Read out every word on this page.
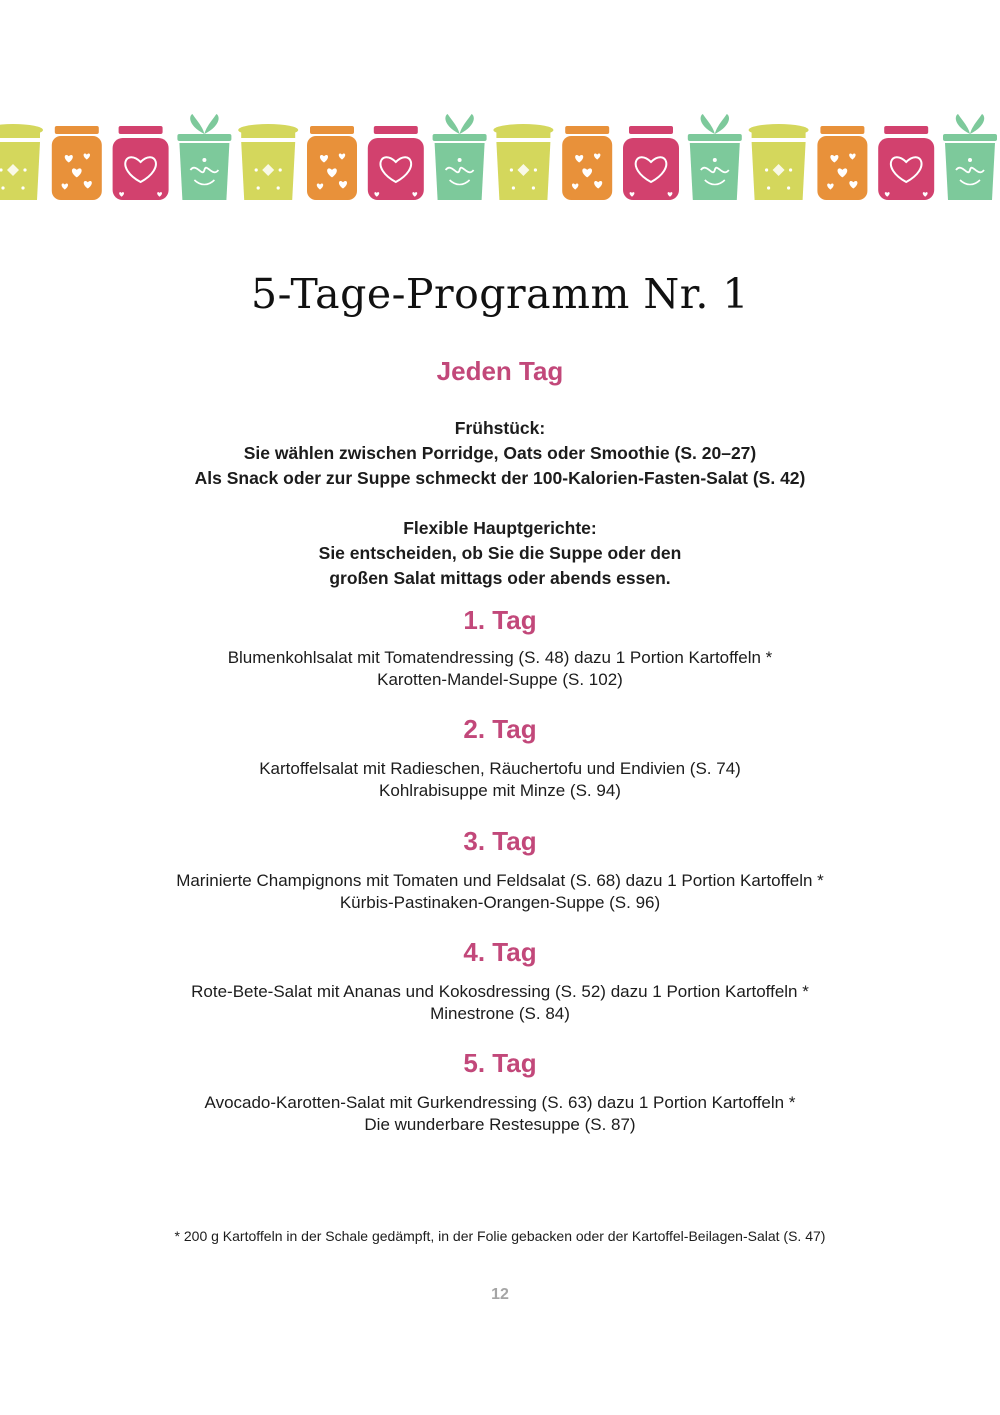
5-Tage-Programm Nr. 1
Jeden Tag

Frühstück:

Sie wählen zwischen Porridge, Oats oder Smoothie (S. 20–27)

Als Snack oder zur Suppe schmeckt der 100-Kalorien-Fasten-Salat (S. 42)

Flexible Hauptgerichte:

Sie entscheiden, ob Sie die Suppe oder den

großen Salat mittags oder abends essen.

1. Tag

Blumenkohlsalat mit Tomatendressing (S. 48) dazu 1 Portion Kartoffeln *

Karotten-Mandel-Suppe (S. 102)

2. Tag

Kartoffelsalat mit Radieschen, Räuchertofu und Endivien (S. 74)

Kohlrabisuppe mit Minze (S. 94)

3. Tag

Marinierte Champignons mit Tomaten und Feldsalat (S. 68) dazu 1 Portion Kartoffeln *

Kürbis-Pastinaken-Orangen-Suppe (S. 96)

4. Tag

Rote-Bete-Salat mit Ananas und Kokosdressing (S. 52) dazu 1 Portion Kartoffeln *

Minestrone (S. 84)

5. Tag

Avocado-Karotten-Salat mit Gurkendressing (S. 63) dazu 1 Portion Kartoffeln *

Die wunderbare Restesuppe (S. 87)

* 200 g Kartoffeln in der Schale gedämpft, in der Folie gebacken oder der Kartoffel-Beilagen-Salat (S. 47)

12
